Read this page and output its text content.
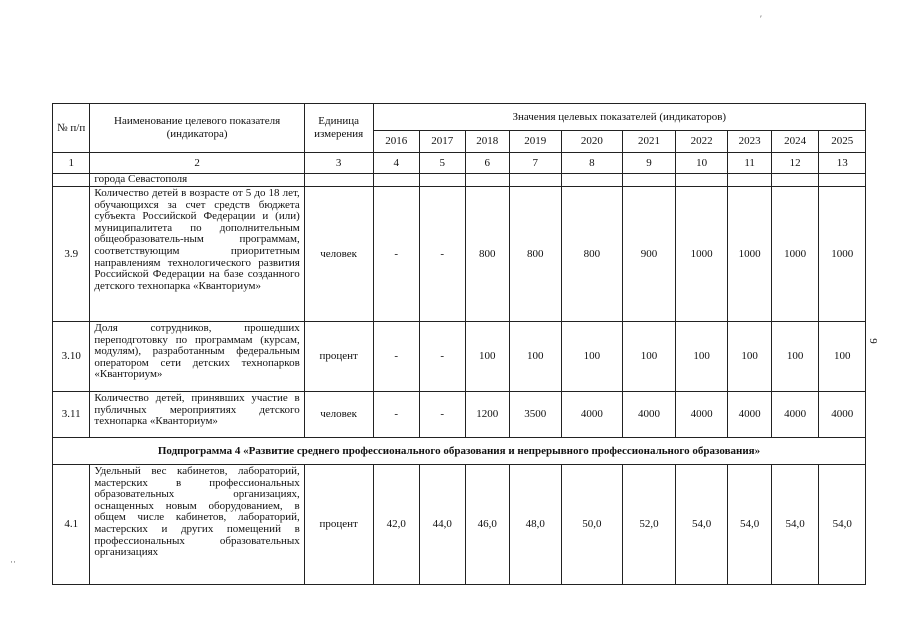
№ п/п	Наименование целевого показателя (индикатора)	Единица измерения	Значения целевых показателей (индикаторов)									
			2016	2017	2018	2019	2020	2021	2022	2023	2024	2025
1	2	3	4	5	6	7	8	9	10	11	12	13
	города Севастополя											
3.9	Количество детей в возрасте от 5 до 18 лет, обучающихся за счет средств бюджета субъекта Российской Федерации и (или) муниципалитета по дополнительным общеобразователь-ным программам, соответствующим приоритетным направлениям технологического развития Российской Федерации на базе созданного детского технопарка «Кванториум»	человек	-	-	800	800	800	900	1000	1000	1000	1000
3.10	Доля сотрудников, прошедших переподготовку по программам (курсам, модулям), разработанным федеральным оператором сети детских технопарков «Кванториум»	процент	-	-	100	100	100	100	100	100	100	100
3.11	Количество детей, принявших участие в публичных мероприятиях детского технопарка «Кванториум»	человек	-	-	1200	3500	4000	4000	4000	4000	4000	4000
Подпрограмма 4 «Развитие среднего профессионального образования и непрерывного профессионального образования»												
4.1	Удельный вес кабинетов, лабораторий, мастерских в профессиональных образовательных организациях, оснащенных новым оборудованием, в общем числе кабинетов, лабораторий, мастерских и других помещений в профессиональных образовательных организациях	процент	42,0	44,0	46,0	48,0	50,0	52,0	54,0	54,0	54,0	54,0
9
′
··
